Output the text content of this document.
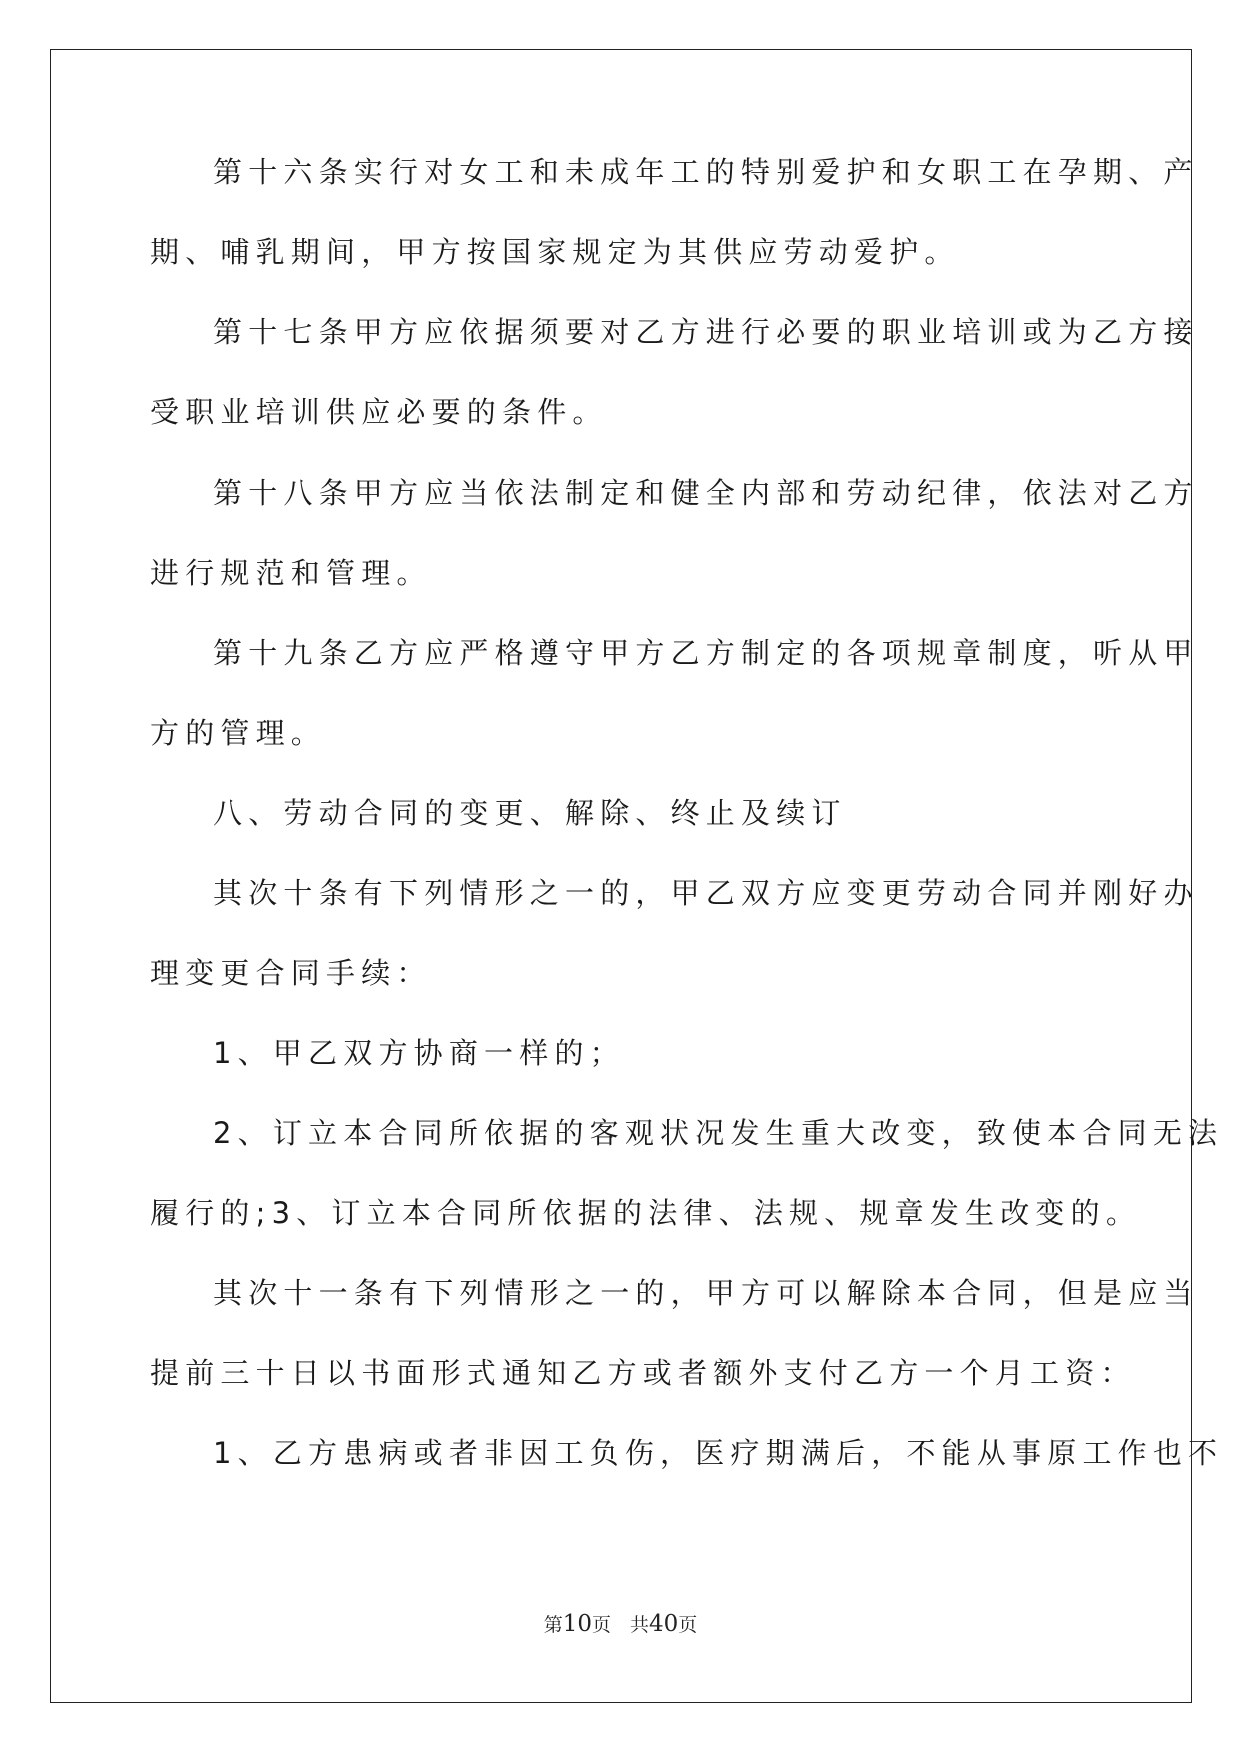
第十六条实行对女工和未成年工的特别爱护和女职工在孕期、产
期、哺乳期间，甲方按国家规定为其供应劳动爱护。
第十七条甲方应依据须要对乙方进行必要的职业培训或为乙方接
受职业培训供应必要的条件。
第十八条甲方应当依法制定和健全内部和劳动纪律，依法对乙方
进行规范和管理。
第十九条乙方应严格遵守甲方乙方制定的各项规章制度，听从甲
方的管理。
八、劳动合同的变更、解除、终止及续订
其次十条有下列情形之一的，甲乙双方应变更劳动合同并刚好办
理变更合同手续：
1、甲乙双方协商一样的；
2、订立本合同所依据的客观状况发生重大改变，致使本合同无法
履行的;3、订立本合同所依据的法律、法规、规章发生改变的。
其次十一条有下列情形之一的，甲方可以解除本合同，但是应当
提前三十日以书面形式通知乙方或者额外支付乙方一个月工资：
1、乙方患病或者非因工负伤，医疗期满后，不能从事原工作也不
第10页　共40页
